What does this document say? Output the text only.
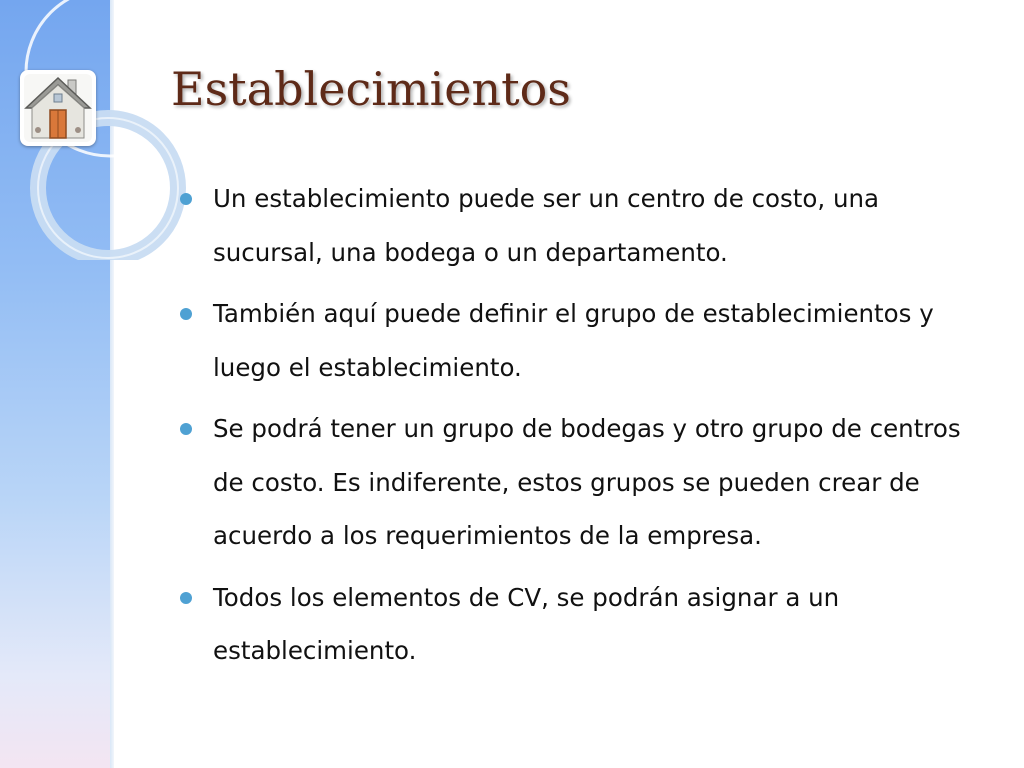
Establecimientos
Un establecimiento puede ser un centro de costo, una sucursal, una bodega o un departamento.
También aquí puede definir el grupo de establecimientos y luego el establecimiento.
Se podrá tener un grupo de bodegas y otro grupo de centros de costo. Es indiferente, estos grupos se pueden crear de acuerdo a los requerimientos de la empresa.
Todos los elementos de CV, se podrán asignar a un establecimiento.
